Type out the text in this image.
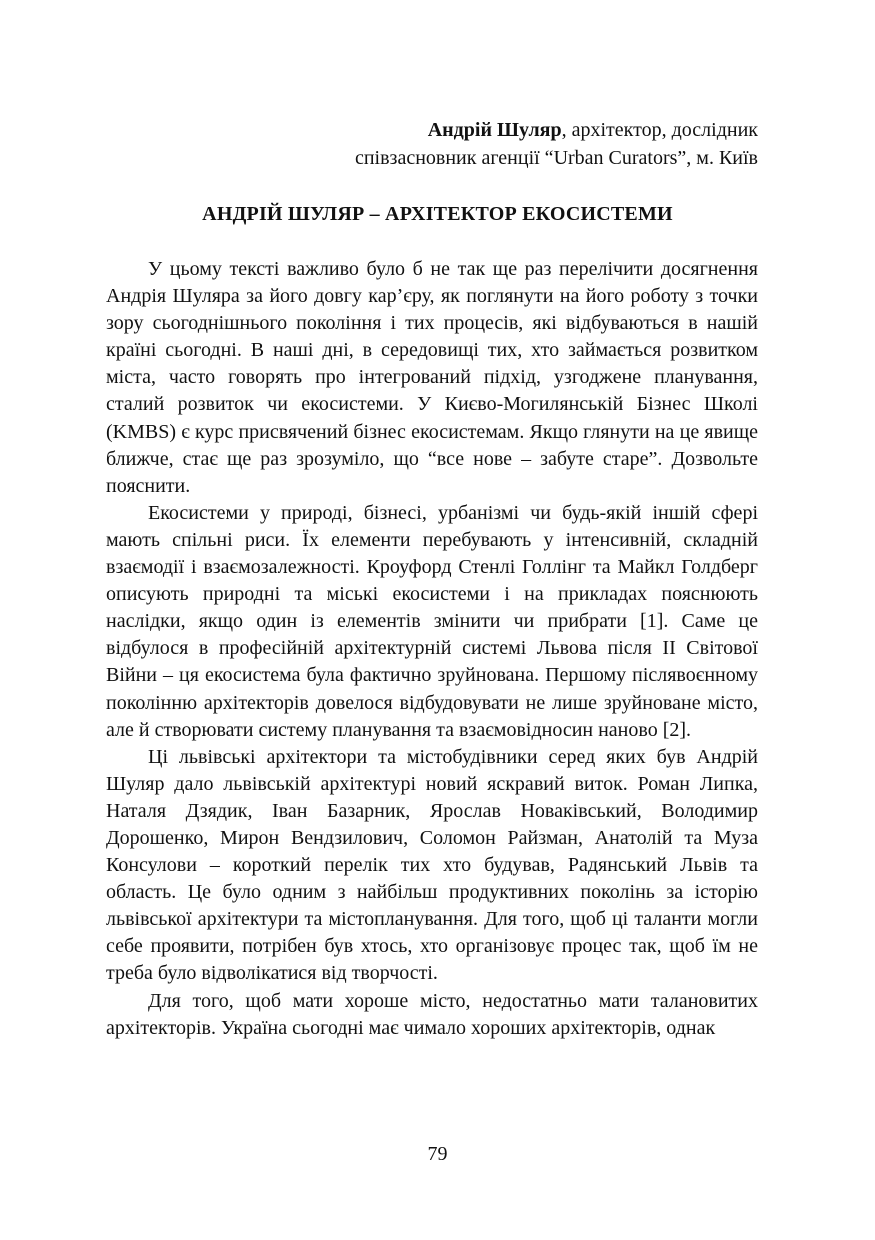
Андрій Шуляр, архітектор, дослідник
співзасновник агенції “Urban Curators”, м. Київ
АНДРІЙ ШУЛЯР – АРХІТЕКТОР ЕКОСИСТЕМИ

У цьому тексті важливо було б не так ще раз перелічити досягнення Андрія Шуляра за його довгу кар’єру, як поглянути на його роботу з точки зору сьогоднішнього покоління і тих процесів, які відбуваються в нашій країні сьогодні. В наші дні, в середовищі тих, хто займається розвитком міста, часто говорять про інтегрований підхід, узгоджене планування, сталий розвиток чи екосистеми. У Києво-Могилянській Бізнес Школі (KMBS) є курс присвячений бізнес екосистемам. Якщо глянути на це явище ближче, стає ще раз зрозуміло, що “все нове – забуте старе”. Дозвольте пояснити.

Екосистеми у природі, бізнесі, урбанізмі чи будь-якій іншій сфері мають спільні риси. Їх елементи перебувають у інтенсивній, складній взаємодії і взаємозалежності. Кроуфорд Стенлі Голлінг та Майкл Голдберг описують природні та міські екосистеми і на прикладах пояснюють наслідки, якщо один із елементів змінити чи прибрати [1]. Саме це відбулося в професійній архітектурній системі Львова після ІІ Світової Війни – ця екосистема була фактично зруйнована. Першому післявоєнному поколінню архітекторів довелося відбудовувати не лише зруйноване місто, але й створювати систему планування та взаємовідносин наново [2].

Ці львівські архітектори та містобудівники серед яких був Андрій Шуляр дало львівській архітектурі новий яскравий виток. Роман Липка, Наталя Дзядик, Іван Базарник, Ярослав Новаківський, Володимир Дорошенко, Мирон Вендзилович, Соломон Райзман, Анатолій та Муза Консулови – короткий перелік тих хто будував, Радянський Львів та область. Це було одним з найбільш продуктивних поколінь за історію львівської архітектури та містопланування. Для того, щоб ці таланти могли себе проявити, потрібен був хтось, хто організовує процес так, щоб їм не треба було відволікатися від творчості.

Для того, щоб мати хороше місто, недостатньо мати талановитих архітекторів. Україна сьогодні має чимало хороших архітекторів, однак

79
